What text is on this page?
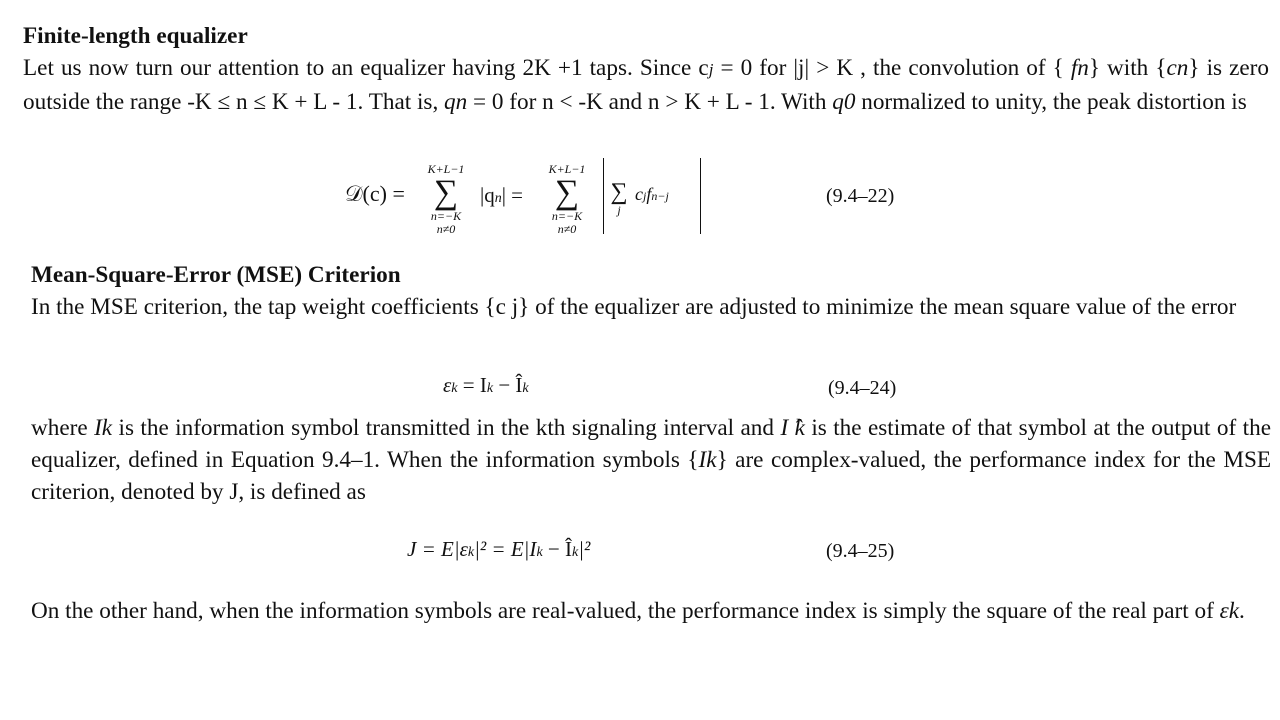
Finite-length equalizer
Let us now turn our attention to an equalizer having 2K +1 taps. Since cj = 0 for |j| > K , the convolution of { fn} with {cn} is zero outside the range -K ≤ n ≤ K + L - 1. That is, qn = 0 for n < -K and n > K + L - 1. With q0 normalized to unity, the peak distortion is
𝒟(c) =
K+L−1
∑
n=−K
n≠0
|qn| =
K+L−1
∑
n=−K
n≠0
∑
j
cjfn−j	(9.4–22)
Mean-Square-Error (MSE) Criterion
In the MSE criterion, the tap weight coefficients {c j} of the equalizer are adjusted to minimize the mean square value of the error
εk = Ik − Îk	(9.4–24)
where Ik is the information symbol transmitted in the kth signaling interval and I ̂k is the estimate of that symbol at the output of the equalizer, defined in Equation 9.4–1. When the information symbols {Ik} are complex-valued, the performance index for the MSE criterion, denoted by J, is defined as
J = E|εk|² = E|Ik − Îk|²	(9.4–25)
On the other hand, when the information symbols are real-valued, the performance index is simply the square of the real part of εk.
